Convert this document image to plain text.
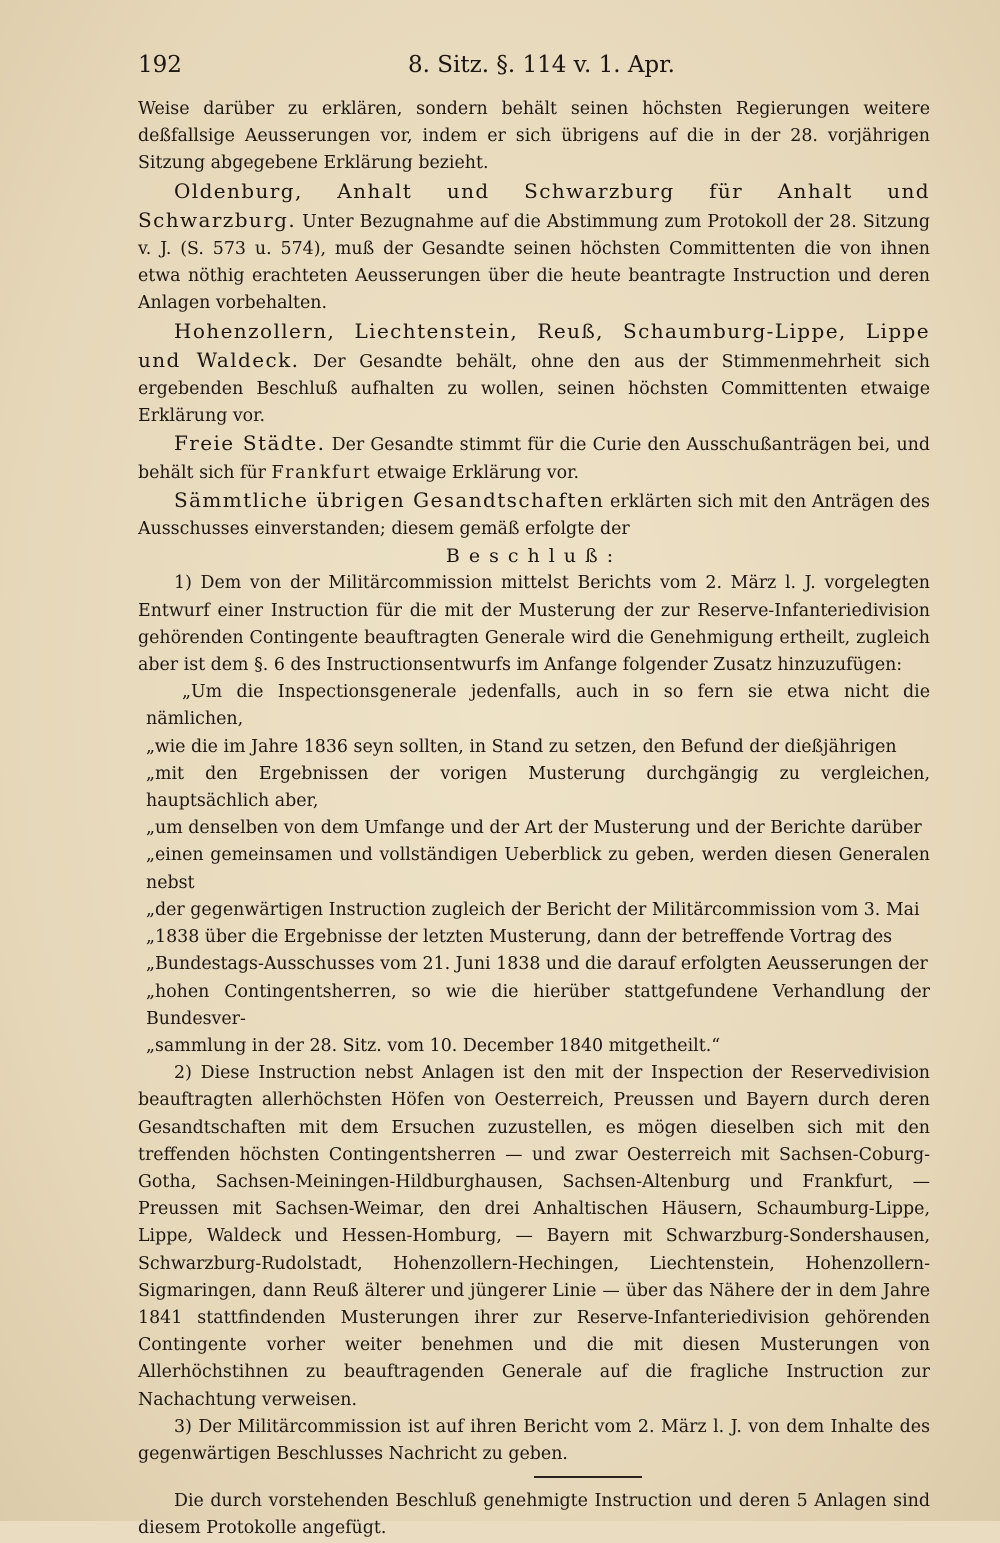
192	8. Sitz. §. 114 v. 1. Apr.

Weise darüber zu erklären, sondern behält seinen höchsten Regierungen weitere deßfallsige Aeusserungen vor, indem er sich übrigens auf die in der 28. vorjährigen Sitzung abgegebene Erklärung bezieht.

Oldenburg, Anhalt und Schwarzburg für Anhalt und Schwarzburg. Unter Bezugnahme auf die Abstimmung zum Protokoll der 28. Sitzung v. J. (S. 573 u. 574), muß der Gesandte seinen höchsten Committenten die von ihnen etwa nöthig erachteten Aeusserungen über die heute beantragte Instruction und deren Anlagen vorbehalten.

Hohenzollern, Liechtenstein, Reuß, Schaumburg-Lippe, Lippe und Waldeck. Der Gesandte behält, ohne den aus der Stimmenmehrheit sich ergebenden Beschluß aufhalten zu wollen, seinen höchsten Committenten etwaige Erklärung vor.

Freie Städte. Der Gesandte stimmt für die Curie den Ausschußanträgen bei, und behält sich für Frankfurt etwaige Erklärung vor.

Sämmtliche übrigen Gesandtschaften erklärten sich mit den Anträgen des Ausschusses einverstanden; diesem gemäß erfolgte der

Beschluß:

1) Dem von der Militärcommission mittelst Berichts vom 2. März l. J. vorgelegten Entwurf einer Instruction für die mit der Musterung der zur Reserve-Infanteriedivision gehörenden Contingente beauftragten Generale wird die Genehmigung ertheilt, zugleich aber ist dem §. 6 des Instructionsentwurfs im Anfange folgender Zusatz hinzuzufügen:

„Um die Inspectionsgenerale jedenfalls, auch in so fern sie etwa nicht die nämlichen,

„wie die im Jahre 1836 seyn sollten, in Stand zu setzen, den Befund der dießjährigen

„mit den Ergebnissen der vorigen Musterung durchgängig zu vergleichen, hauptsächlich aber,

„um denselben von dem Umfange und der Art der Musterung und der Berichte darüber

„einen gemeinsamen und vollständigen Ueberblick zu geben, werden diesen Generalen nebst

„der gegenwärtigen Instruction zugleich der Bericht der Militärcommission vom 3. Mai

„1838 über die Ergebnisse der letzten Musterung, dann der betreffende Vortrag des

„Bundestags-Ausschusses vom 21. Juni 1838 und die darauf erfolgten Aeusserungen der

„hohen Contingentsherren, so wie die hierüber stattgefundene Verhandlung der Bundesver-

„sammlung in der 28. Sitz. vom 10. December 1840 mitgetheilt.“

2) Diese Instruction nebst Anlagen ist den mit der Inspection der Reservedivision beauftragten allerhöchsten Höfen von Oesterreich, Preussen und Bayern durch deren Gesandtschaften mit dem Ersuchen zuzustellen, es mögen dieselben sich mit den treffenden höchsten Contingentsherren — und zwar Oesterreich mit Sachsen-Coburg-Gotha, Sachsen-Meiningen-Hildburghausen, Sachsen-Altenburg und Frankfurt, — Preussen mit Sachsen-Weimar, den drei Anhaltischen Häusern, Schaumburg-Lippe, Lippe, Waldeck und Hessen-Homburg, — Bayern mit Schwarzburg-Sondershausen, Schwarzburg-Rudolstadt, Hohenzollern-Hechingen, Liechtenstein, Hohenzollern-Sigmaringen, dann Reuß älterer und jüngerer Linie — über das Nähere der in dem Jahre 1841 stattfindenden Musterungen ihrer zur Reserve-Infanteriedivision gehörenden Contingente vorher weiter benehmen und die mit diesen Musterungen von Allerhöchstihnen zu beauftragenden Generale auf die fragliche Instruction zur Nachachtung verweisen.

3) Der Militärcommission ist auf ihren Bericht vom 2. März l. J. von dem Inhalte des gegenwärtigen Beschlusses Nachricht zu geben.

Die durch vorstehenden Beschluß genehmigte Instruction und deren 5 Anlagen sind diesem Protokolle angefügt.
